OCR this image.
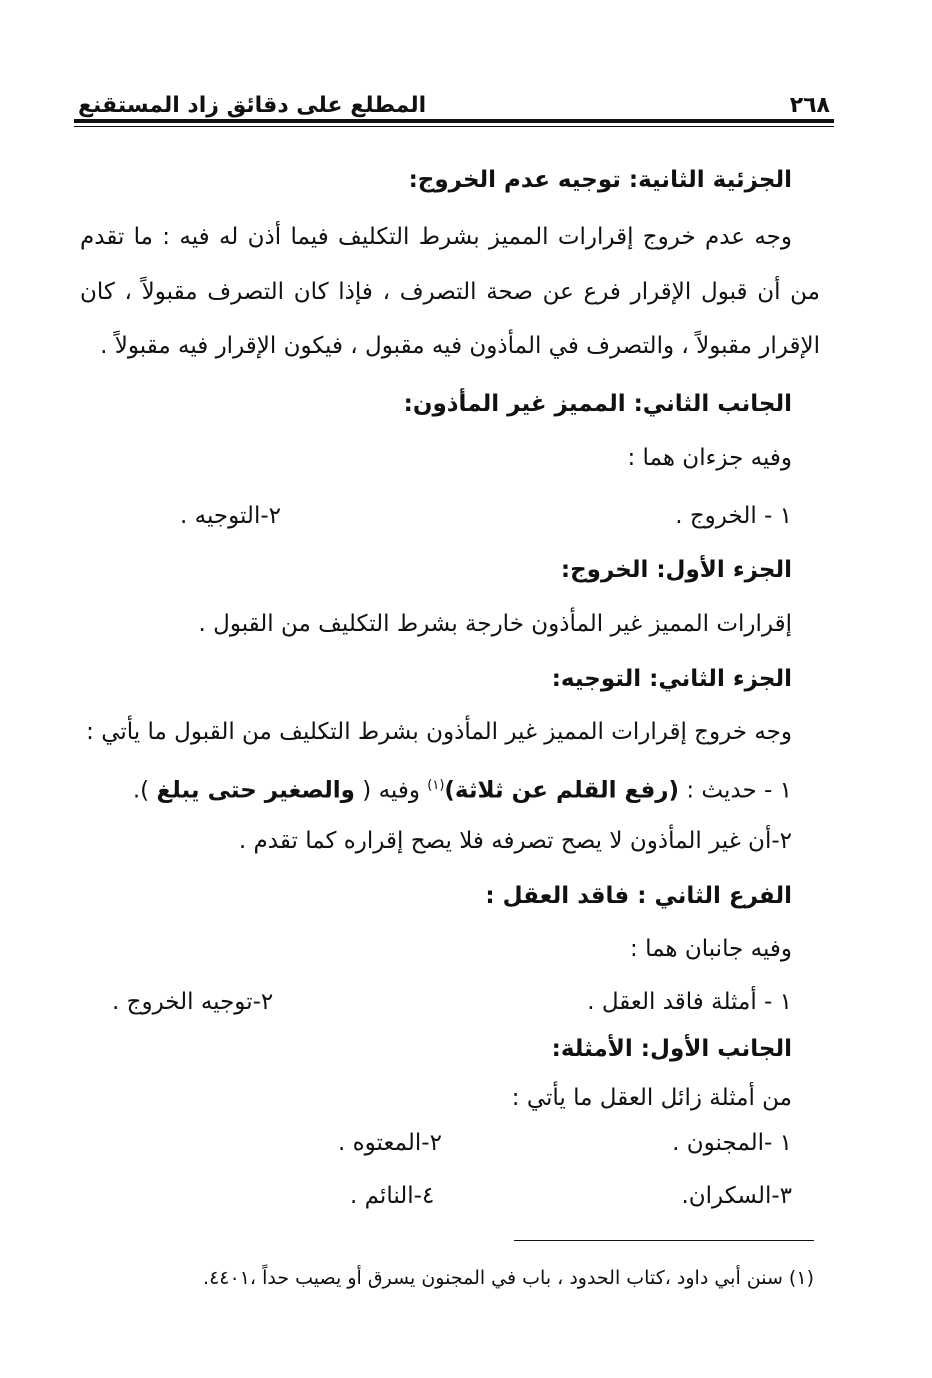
٢٦٨
المطلع على دقائق زاد المستقنع
الجزئية الثانية: توجيه عدم الخروج:
وجه عدم خروج إقرارات المميز بشرط التكليف فيما أذن له فيه : ما تقدم
من أن قبول الإقرار فرع عن صحة التصرف ، فإذا كان التصرف مقبولاً ، كان
الإقرار مقبولاً ، والتصرف في المأذون فيه مقبول ، فيكون الإقرار فيه مقبولاً .
الجانب الثاني: المميز غير المأذون:
وفيه جزءان هما :
١ - الخروج .
٢-التوجيه .
الجزء الأول: الخروج:
إقرارات المميز غير المأذون خارجة بشرط التكليف من القبول .
الجزء الثاني: التوجيه:
وجه خروج إقرارات المميز غير المأذون بشرط التكليف من القبول ما يأتي :
١ - حديث : (رفع القلم عن ثلاثة)$^{(١)}$ وفيه ( والصغير حتى يبلغ ).
٢-أن غير المأذون لا يصح تصرفه فلا يصح إقراره كما تقدم .
الفرع الثاني : فاقد العقل :
وفيه جانبان هما :
١ - أمثلة فاقد العقل .
٢-توجيه الخروج .
الجانب الأول: الأمثلة:
من أمثلة زائل العقل ما يأتي :
١ -المجنون .
٢-المعتوه .
٣-السكران.
٤-النائم .
(١) سنن أبي داود ،كتاب الحدود ، باب في المجنون يسرق أو يصيب حداً ،٤٤٠١.
